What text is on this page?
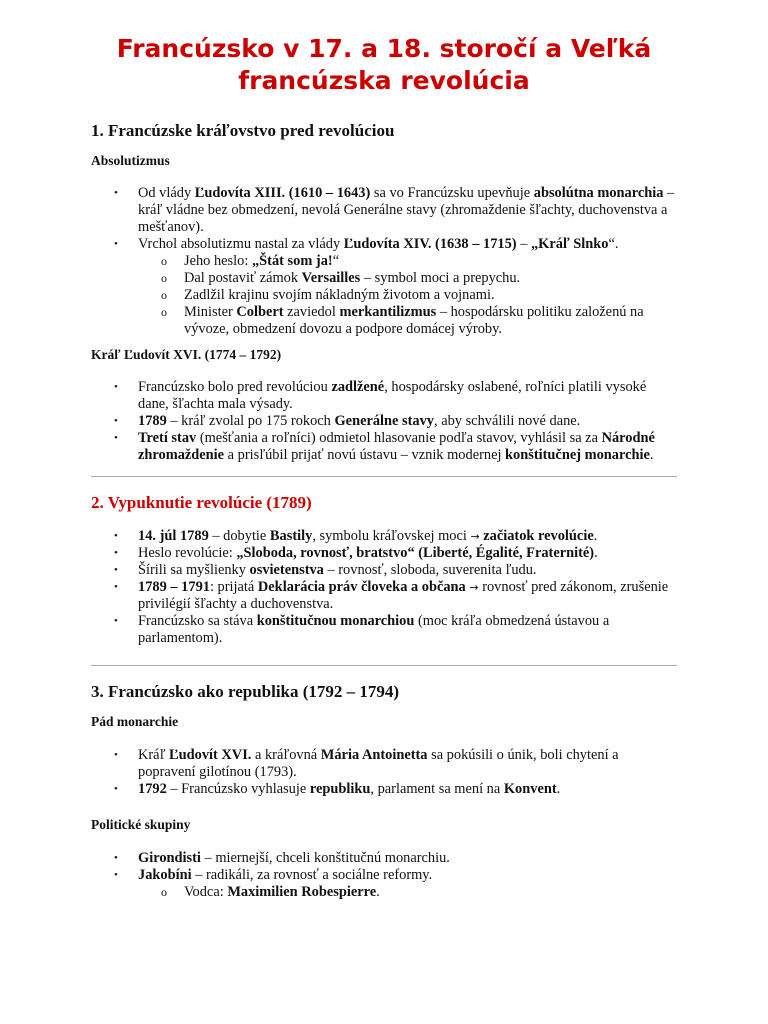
Francúzsko v 17. a 18. storočí a Veľká francúzska revolúcia
1. Francúzske kráľovstvo pred revolúciou
Absolutizmus
• Od vlády Ľudovíta XIII. (1610 – 1643) sa vo Francúzsku upevňuje absolútna monarchia – kráľ vládne bez obmedzení, nevolá Generálne stavy (zhromaždenie šľachty, duchovenstva a mešťanov).
• Vrchol absolutizmu nastal za vlády Ľudovíta XIV. (1638 – 1715) – „Kráľ Slnko“.
o Jeho heslo: „Štát som ja!“
o Dal postaviť zámok Versailles – symbol moci a prepychu.
o Zadlžil krajinu svojím nákladným životom a vojnami.
o Minister Colbert zaviedol merkantilizmus – hospodársku politiku založenú na vývoze, obmedzení dovozu a podpore domácej výroby.
Kráľ Ľudovít XVI. (1774 – 1792)
• Francúzsko bolo pred revolúciou zadlžené, hospodársky oslabené, roľníci platili vysoké dane, šľachta mala výsady.
• 1789 – kráľ zvolal po 175 rokoch Generálne stavy, aby schválili nové dane.
• Tretí stav (mešťania a roľníci) odmietol hlasovanie podľa stavov, vyhlásil sa za Národné zhromaždenie a prisľúbil prijať novú ústavu – vznik modernej konštitučnej monarchie.
2. Vypuknutie revolúcie (1789)
• 14. júl 1789 – dobytie Bastily, symbolu kráľovskej moci → začiatok revolúcie.
• Heslo revolúcie: „Sloboda, rovnosť, bratstvo“ (Liberté, Égalité, Fraternité).
• Šírili sa myšlienky osvietenstva – rovnosť, sloboda, suverenita ľudu.
• 1789 – 1791: prijatá Deklarácia práv človeka a občana → rovnosť pred zákonom, zrušenie privilégií šľachty a duchovenstva.
• Francúzsko sa stáva konštitučnou monarchiou (moc kráľa obmedzená ústavou a parlamentom).
3. Francúzsko ako republika (1792 – 1794)
Pád monarchie
• Kráľ Ľudovít XVI. a kráľovná Mária Antoinetta sa pokúsili o únik, boli chytení a popravení gilotínou (1793).
• 1792 – Francúzsko vyhlasuje republiku, parlament sa mení na Konvent.
Politické skupiny
• Girondisti – miernejší, chceli konštitučnú monarchiu.
• Jakobíni – radikáli, za rovnosť a sociálne reformy.
o Vodca: Maximilien Robespierre.
